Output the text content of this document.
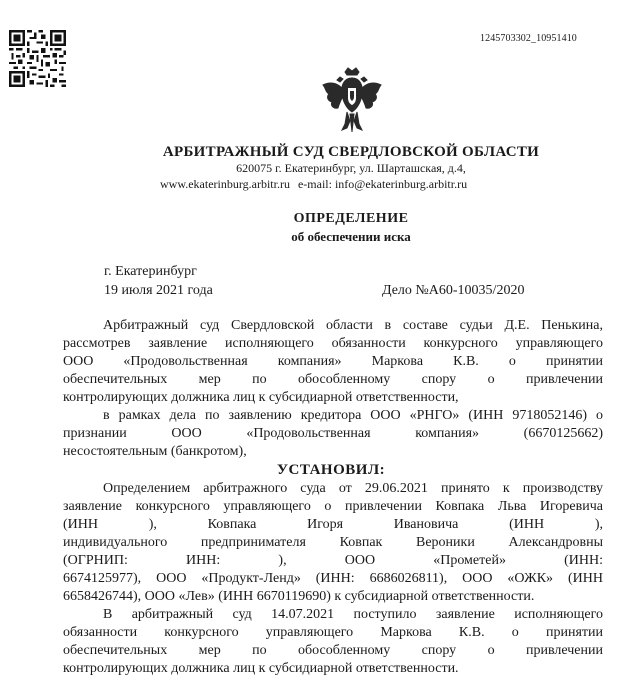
1245703302_10951410
АРБИТРАЖНЫЙ СУД СВЕРДЛОВСКОЙ ОБЛАСТИ
620075 г. Екатеринбург, ул. Шарташская, д.4,
www.ekaterinburg.arbitr.ru e-mail: info@ekaterinburg.arbitr.ru
ОПРЕДЕЛЕНИЕ
об обеспечении иска
г. Екатеринбург
19 июля 2021 года	Дело №А60-10035/2020

Арбитражный суд Свердловской области в составе судьи Д.Е. Пенькина,

рассмотрев заявление исполняющего обязанности конкурсного управляющего

ООО «Продовольственная компания» Маркова К.В. о принятии

обеспечительных мер по обособленному спору о привлечении

контролирующих должника лиц к субсидиарной ответственности,

в рамках дела по заявлению кредитора ООО «РНГО» (ИНН 9718052146) о

признании ООО «Продовольственная компания» (6670125662)

несостоятельным (банкротом),

УСТАНОВИЛ:

Определением арбитражного суда от 29.06.2021 принято к производству

заявление конкурсного управляющего о привлечении Ковпака Льва Игоревича

(ИНН ), Ковпака Игоря Ивановича (ИНН ),

индивидуального предпринимателя Ковпак Вероники Александровны

(ОГРНИП: ИНН: ), ООО «Прометей» (ИНН:

6674125977), ООО «Продукт-Ленд» (ИНН: 6686026811), ООО «ОЖК» (ИНН

6658426744), ООО «Лев» (ИНН 6670119690) к субсидиарной ответственности.

В арбитражный суд 14.07.2021 поступило заявление исполняющего

обязанности конкурсного управляющего Маркова К.В. о принятии

обеспечительных мер по обособленному спору о привлечении

контролирующих должника лиц к субсидиарной ответственности.
